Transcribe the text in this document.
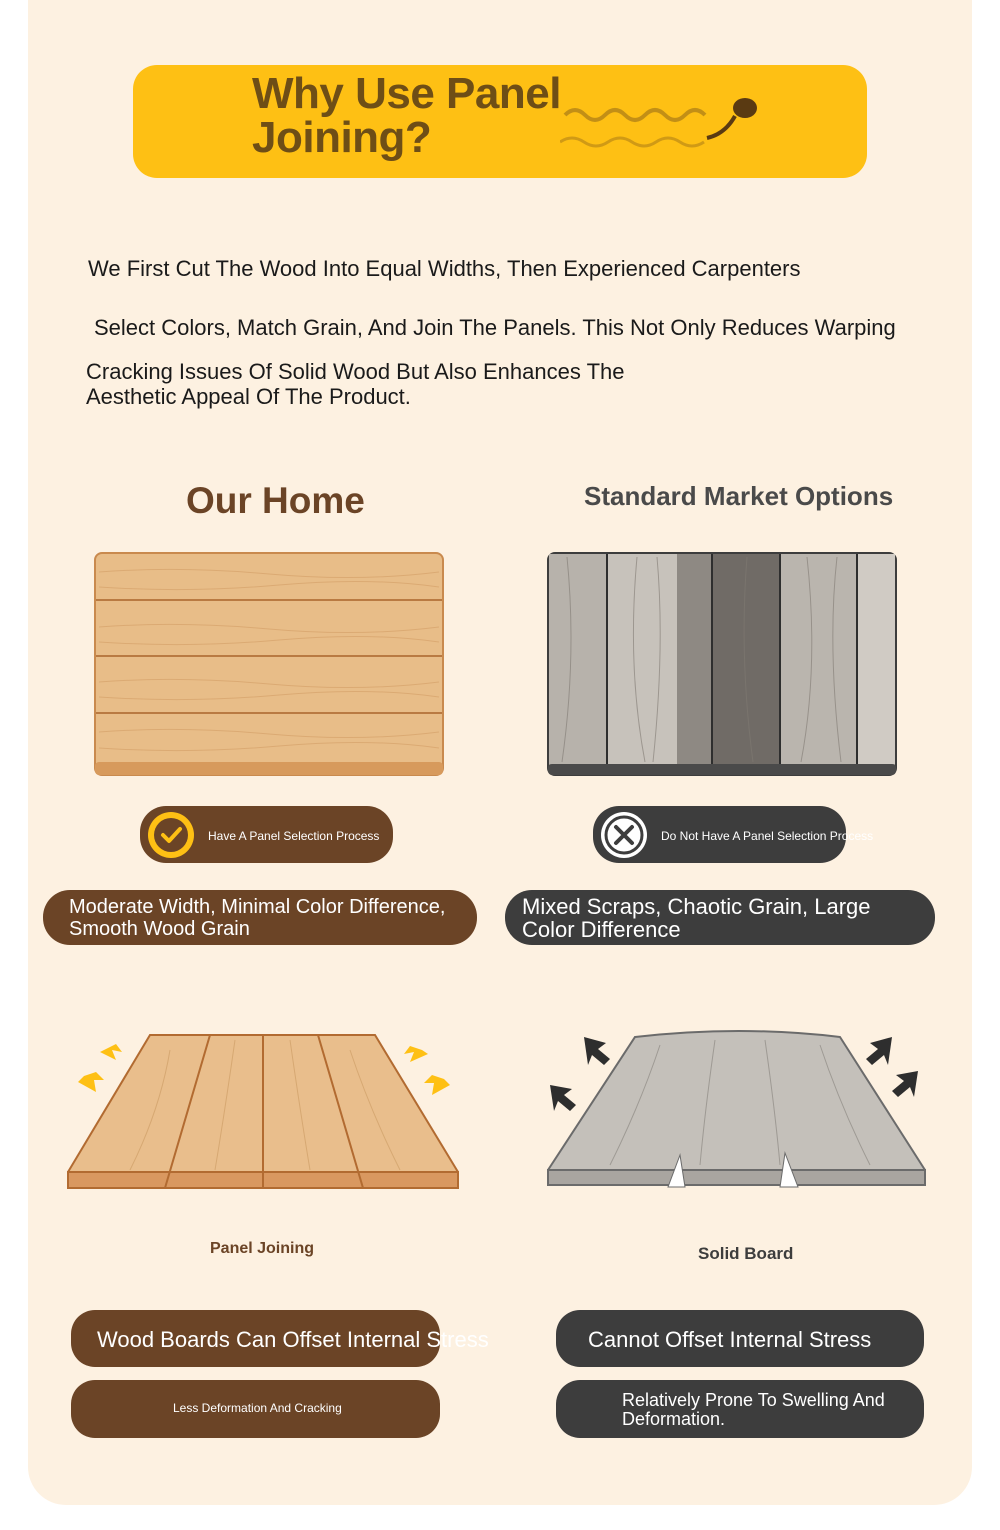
Why Use Panel Joining?
We First Cut The Wood Into Equal Widths, Then Experienced Carpenters
Select Colors, Match Grain, And Join The Panels. This Not Only Reduces Warping
Cracking Issues Of Solid Wood But Also Enhances The Aesthetic Appeal Of The Product.
Our Home	Standard Market Options
Have A Panel Selection Process	Do Not Have A Panel Selection Process
Moderate Width, Minimal Color Difference, Smooth Wood Grain
Mixed Scraps, Chaotic Grain, Large Color Difference
Panel Joining	Solid Board
Wood Boards Can Offset Internal Stress
Less Deformation And Cracking
Cannot Offset Internal Stress
Relatively Prone To Swelling And Deformation.
